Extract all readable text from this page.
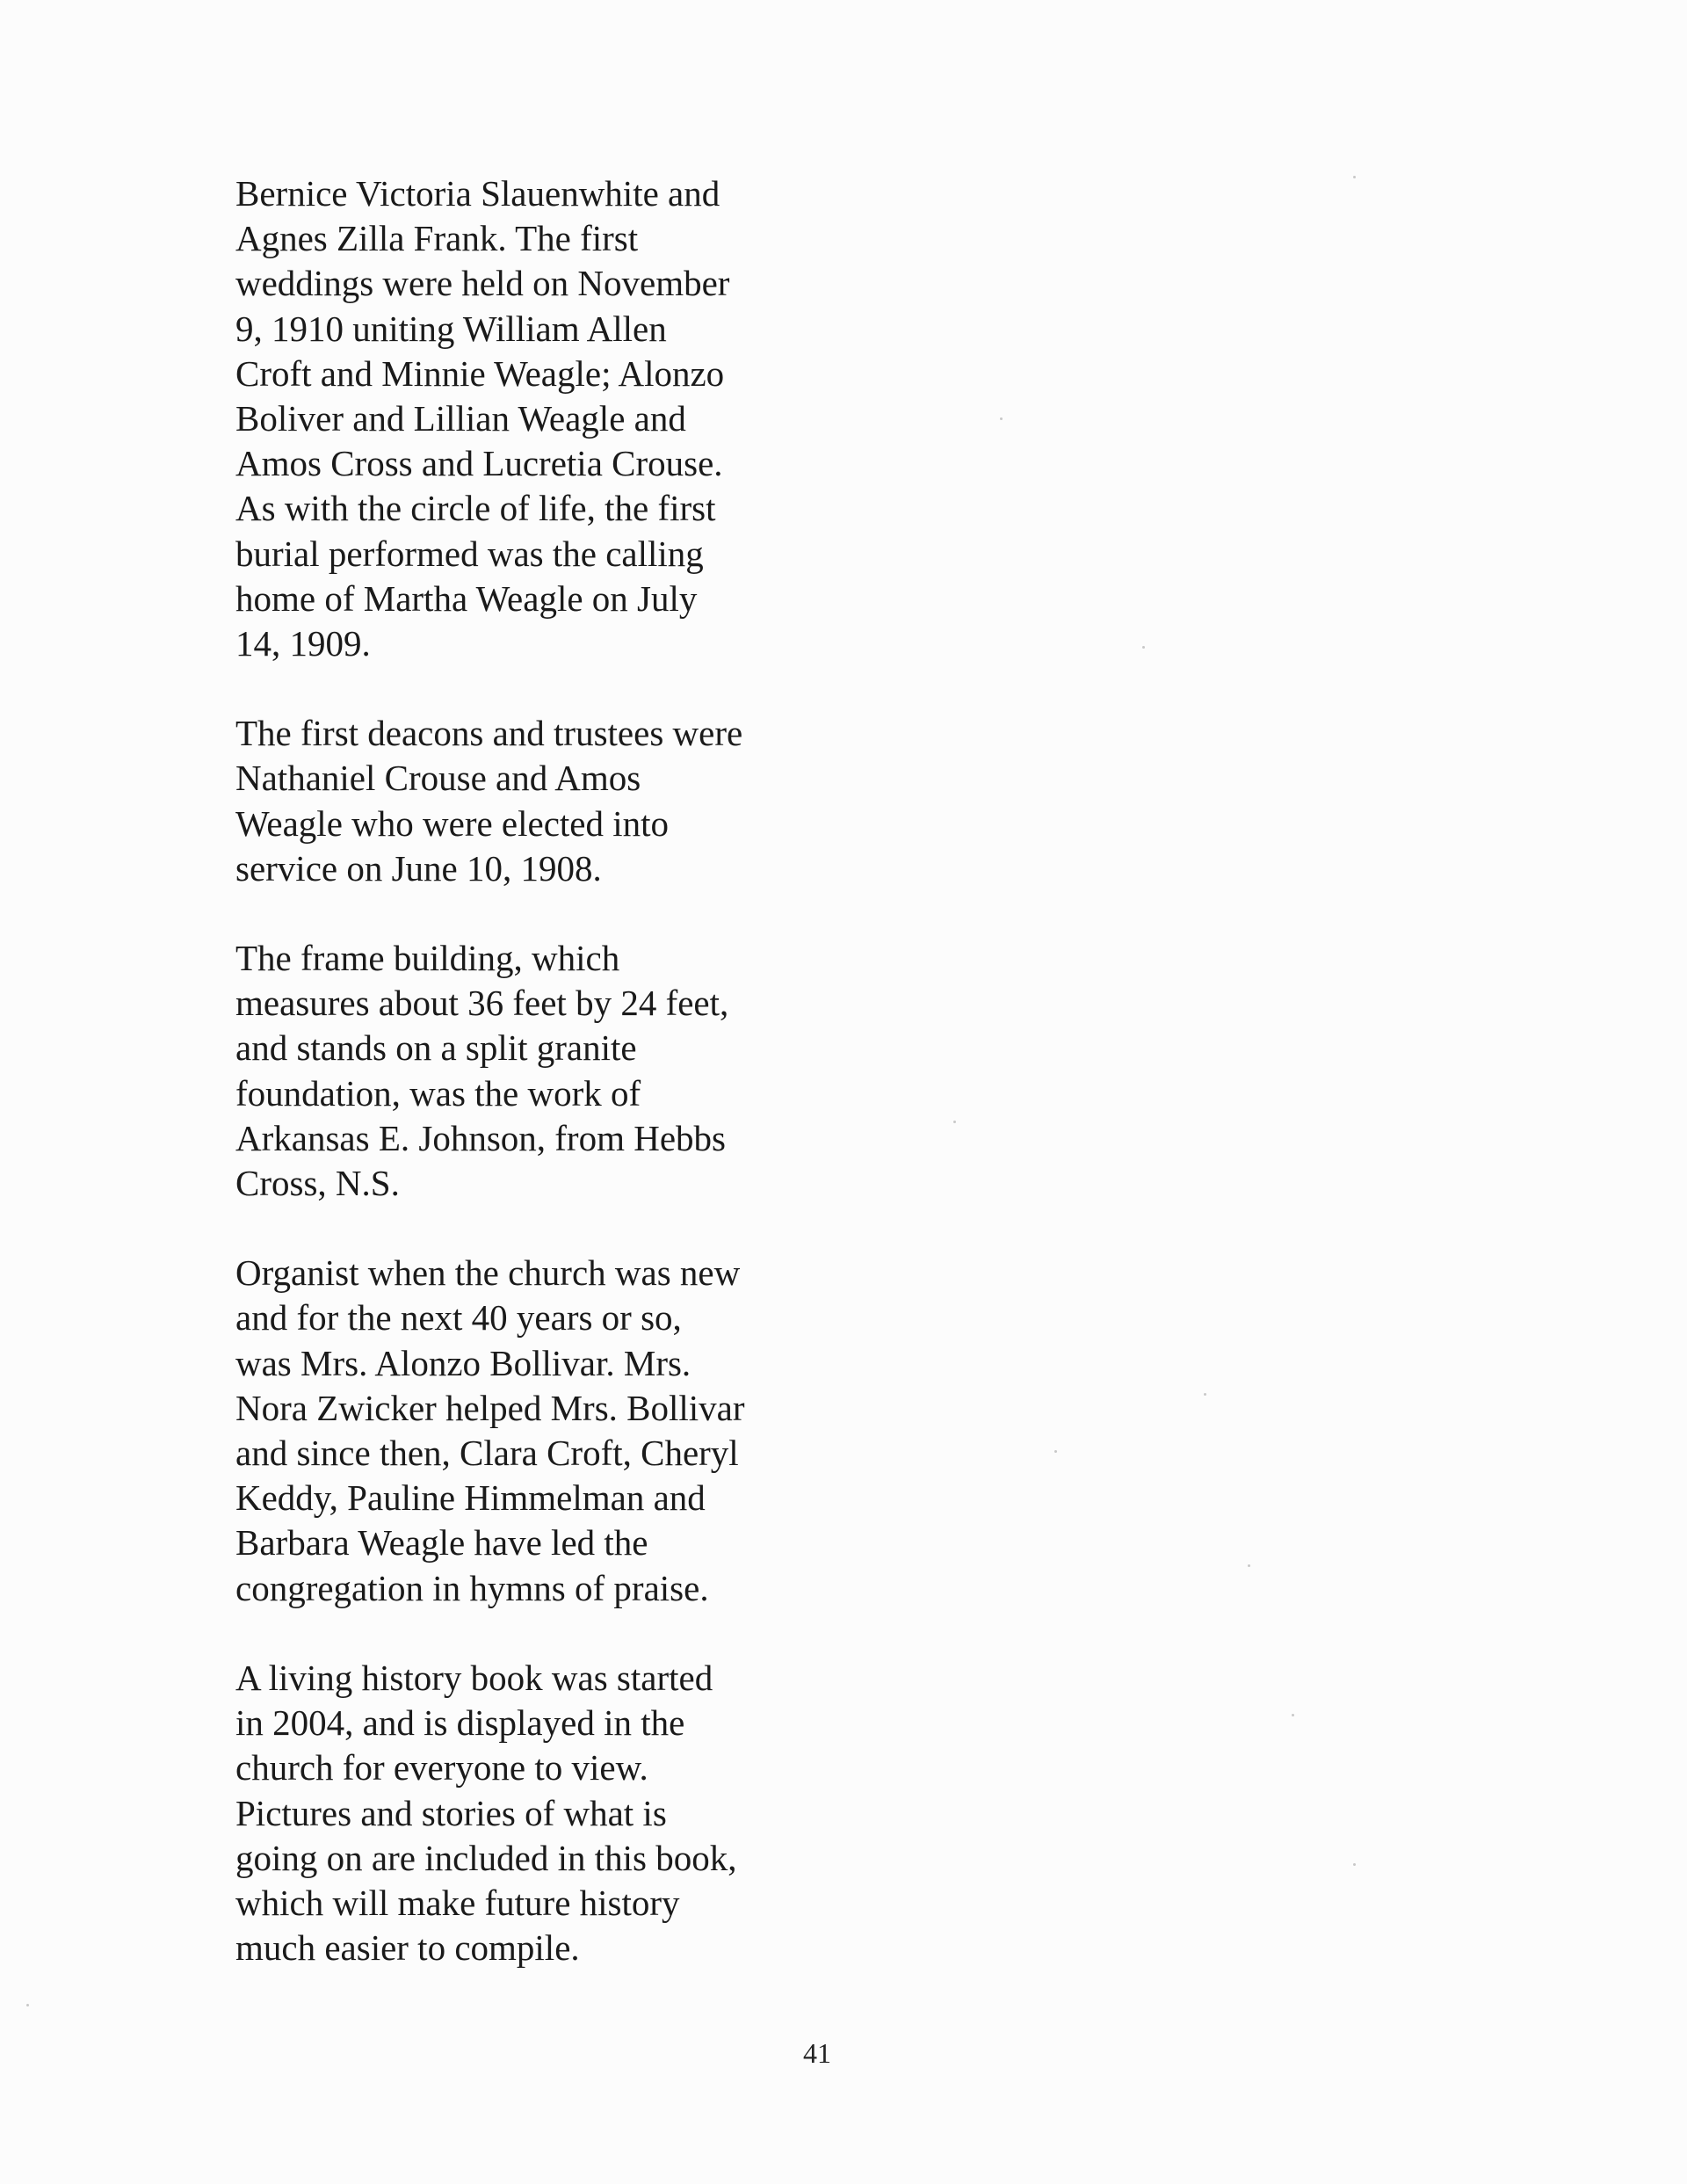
Bernice Victoria Slauenwhite and
Agnes Zilla Frank. The first
weddings were held on November
9, 1910 uniting William Allen
Croft and Minnie Weagle; Alonzo
Boliver and Lillian Weagle and
Amos Cross and Lucretia Crouse.
As with the circle of life, the first
burial performed was the calling
home of Martha Weagle on July
14, 1909.
The first deacons and trustees were
Nathaniel Crouse and Amos
Weagle who were elected into
service on June 10, 1908.
The frame building, which
measures about 36 feet by 24 feet,
and stands on a split granite
foundation, was the work of
Arkansas E. Johnson, from Hebbs
Cross, N.S.
Organist when the church was new
and for the next 40 years or so,
was Mrs. Alonzo Bollivar. Mrs.
Nora Zwicker helped Mrs. Bollivar
and since then, Clara Croft, Cheryl
Keddy, Pauline Himmelman and
Barbara Weagle have led the
congregation in hymns of praise.
A living history book was started
in 2004, and is displayed in the
church for everyone to view.
Pictures and stories of what is
going on are included in this book,
which will make future history
much easier to compile.
41
